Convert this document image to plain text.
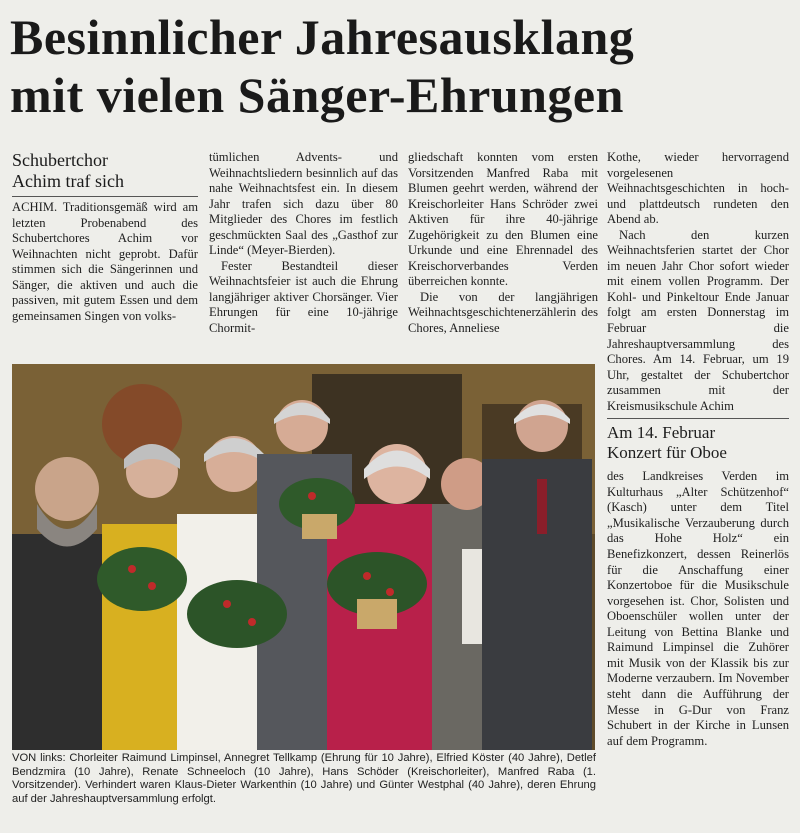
Besinnlicher Jahresausklang
mit vielen Sänger-Ehrungen
Schubertchor
Achim traf sich

ACHIM. Traditionsgemäß wird am letzten Probenabend des Schubertchores Achim vor Weihnachten nicht geprobt. Dafür stimmen sich die Sängerinnen und Sänger, die aktiven und auch die passiven, mit gutem Essen und dem gemeinsamen Singen von volks-

tümlichen Advents- und Weihnachtsliedern besinnlich auf das nahe Weihnachtsfest ein. In diesem Jahr trafen sich dazu über 80 Mitglieder des Chores im festlich geschmückten Saal des „Gasthof zur Linde“ (Meyer-Bierden).

Fester Bestandteil dieser Weihnachtsfeier ist auch die Ehrung langjähriger aktiver Chorsänger. Vier Ehrungen für eine 10-jährige Chormit-

gliedschaft konnten vom ersten Vorsitzenden Manfred Raba mit Blumen geehrt werden, während der Kreischorleiter Hans Schröder zwei Aktiven für ihre 40-jährige Zugehörigkeit zu den Blumen eine Urkunde und eine Ehrennadel des Kreischorverbandes Verden überreichen konnte.

Die von der langjährigen Weihnachtsgeschichtenerzählerin des Chores, Anneliese

Kothe, wieder hervorragend vorgelesenen Weihnachtsgeschichten in hoch- und plattdeutsch rundeten den Abend ab.

Nach den kurzen Weihnachtsferien startet der Chor im neuen Jahr Chor sofort wieder mit einem vollen Programm. Der Kohl- und Pinkeltour Ende Januar folgt am ersten Donnerstag im Februar die Jahreshauptversammlung des Chores. Am 14. Februar, um 19 Uhr, gestaltet der Schubertchor zusammen mit der Kreismusikschule Achim

Am 14. Februar
Konzert für Oboe

des Landkreises Verden im Kulturhaus „Alter Schützenhof“ (Kasch) unter dem Titel „Musikalische Verzauberung durch das Hohe Holz“ ein Benefizkonzert, dessen Reinerlös für die Anschaffung einer Konzertoboe für die Musikschule vorgesehen ist. Chor, Solisten und Oboenschüler wollen unter der Leitung von Bettina Blanke und Raimund Limpinsel die Zuhörer mit Musik von der Klassik bis zur Moderne verzaubern. Im November steht dann die Aufführung der Messe in G-Dur von Franz Schubert in der Kirche in Lunsen auf dem Programm.

VON links: Chorleiter Raimund Limpinsel, Annegret Tellkamp (Ehrung für 10 Jahre), Elfried Köster (40 Jahre), Detlef Bendzmira (10 Jahre), Renate Schneeloch (10 Jahre), Hans Schöder (Kreischorleiter), Manfred Raba (1. Vorsitzender). Verhindert waren Klaus-Dieter Warkenthin (10 Jahre) und Günter Westphal (40 Jahre), deren Ehrung auf der Jahreshauptversammlung erfolgt.
